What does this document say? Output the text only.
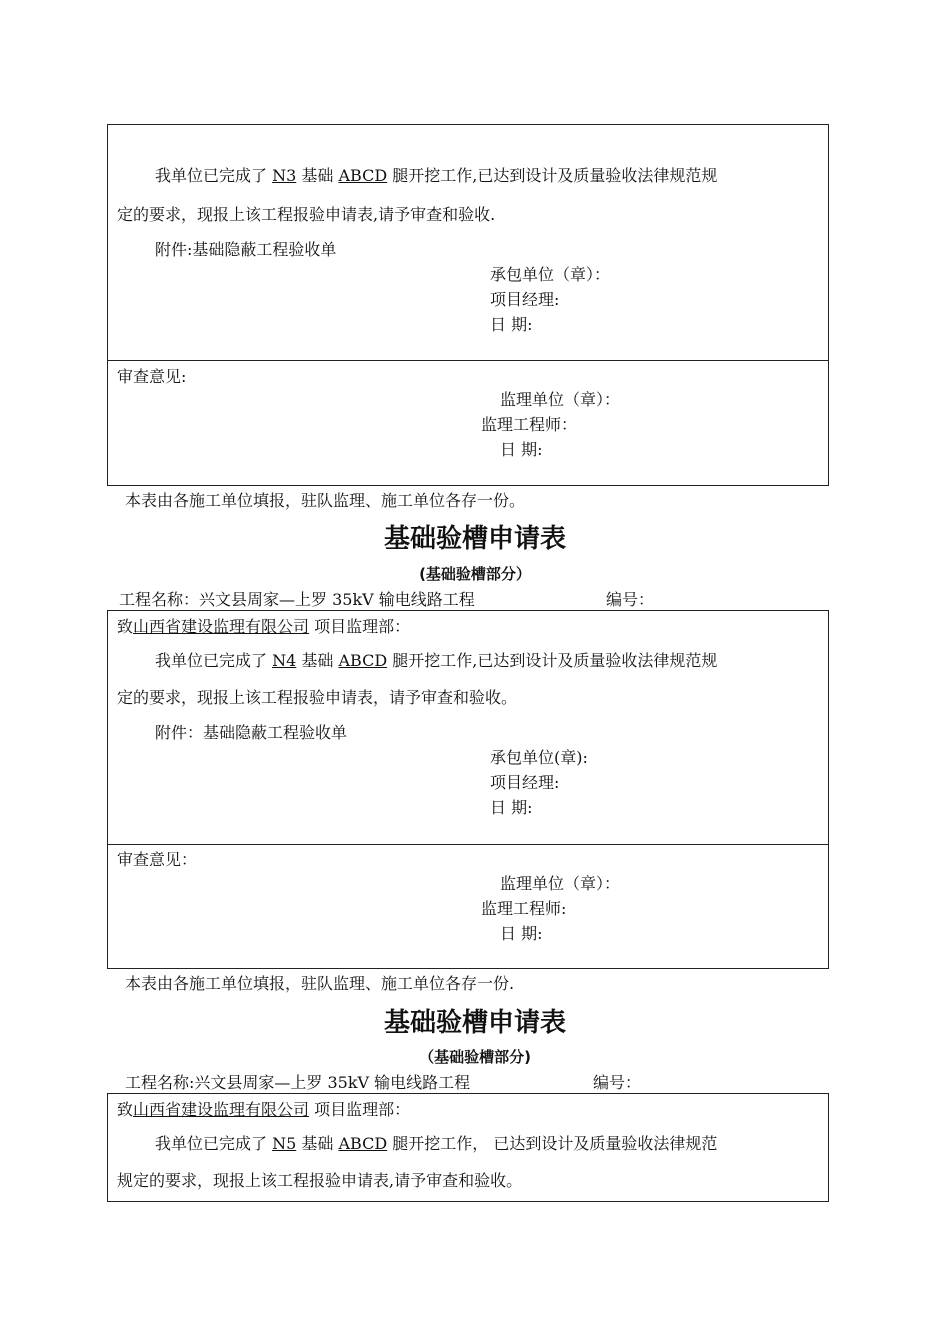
我单位已完成了 N3 基础 ABCD 腿开挖工作,已达到设计及质量验收法律规范规
定的要求，现报上该工程报验申请表,请予审查和验收.
附件:基础隐蔽工程验收单
承包单位（章）：
项目经理:
日 期:
审查意见:
监理单位（章）：
监理工程师：
日 期:
本表由各施工单位填报，驻队监理、施工单位各存一份。
基础验槽申请表
(基础验槽部分）
工程名称：兴文县周家—上罗 35kV 输电线路工程	编号：
致山西省建设监理有限公司 项目监理部：
我单位已完成了 N4 基础 ABCD 腿开挖工作,已达到设计及质量验收法律规范规
定的要求，现报上该工程报验申请表，请予审查和验收。
附件：基础隐蔽工程验收单
承包单位(章):
项目经理:
日 期:
审查意见：
监理单位（章）：
监理工程师:
日 期:
本表由各施工单位填报，驻队监理、施工单位各存一份.
基础验槽申请表
（基础验槽部分)
工程名称:兴文县周家—上罗 35kV 输电线路工程	编号：
致山西省建设监理有限公司 项目监理部：
我单位已完成了 N5 基础 ABCD 腿开挖工作， 已达到设计及质量验收法律规范
规定的要求，现报上该工程报验申请表,请予审查和验收。
